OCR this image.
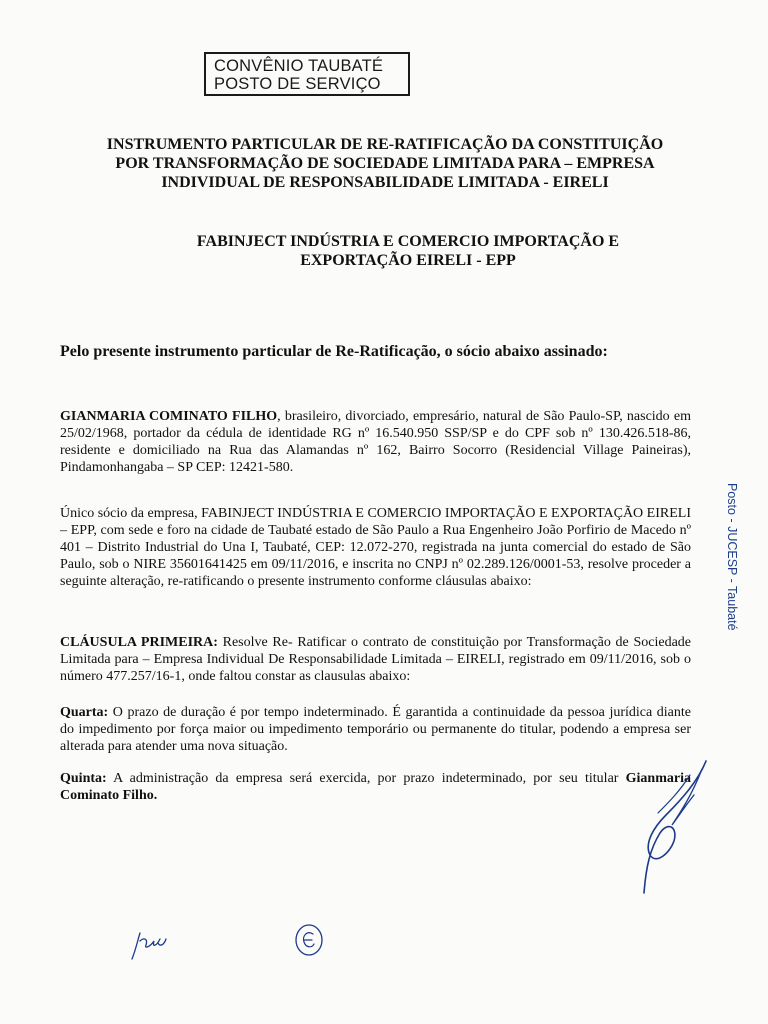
CONVÊNIO TAUBATÉ
POSTO DE SERVIÇO
INSTRUMENTO PARTICULAR DE RE-RATIFICAÇÃO DA CONSTITUIÇÃO
POR TRANSFORMAÇÃO DE SOCIEDADE LIMITADA PARA – EMPRESA
INDIVIDUAL DE RESPONSABILIDADE LIMITADA - EIRELI
FABINJECT INDÚSTRIA E COMERCIO IMPORTAÇÃO E
EXPORTAÇÃO EIRELI - EPP
Pelo presente instrumento particular de Re-Ratificação, o sócio abaixo assinado:
GIANMARIA COMINATO FILHO, brasileiro, divorciado, empresário, natural de São Paulo-SP, nascido em 25/02/1968, portador da cédula de identidade RG nº 16.540.950 SSP/SP e do CPF sob nº 130.426.518-86, residente e domiciliado na Rua das Alamandas nº 162, Bairro Socorro (Residencial Village Paineiras), Pindamonhangaba – SP CEP: 12421-580.
Único sócio da empresa, FABINJECT INDÚSTRIA E COMERCIO IMPORTAÇÃO E EXPORTAÇÃO EIRELI – EPP, com sede e foro na cidade de Taubaté estado de São Paulo a Rua Engenheiro João Porfirio de Macedo nº 401 – Distrito Industrial do Una I, Taubaté, CEP: 12.072-270, registrada na junta comercial do estado de São Paulo, sob o NIRE 35601641425 em 09/11/2016, e inscrita no CNPJ nº 02.289.126/0001-53, resolve proceder a seguinte alteração, re-ratificando o presente instrumento conforme cláusulas abaixo:
CLÁUSULA PRIMEIRA: Resolve Re- Ratificar o contrato de constituição por Transformação de Sociedade Limitada para – Empresa Individual De Responsabilidade Limitada – EIRELI, registrado em 09/11/2016, sob o número 477.257/16-1, onde faltou constar as clausulas abaixo:
Quarta: O prazo de duração é por tempo indeterminado. É garantida a continuidade da pessoa jurídica diante do impedimento por força maior ou impedimento temporário ou permanente do titular, podendo a empresa ser alterada para atender uma nova situação.
Quinta: A administração da empresa será exercida, por prazo indeterminado, por seu titular Gianmaria Cominato Filho.
Posto - JUCESP - Taubaté
